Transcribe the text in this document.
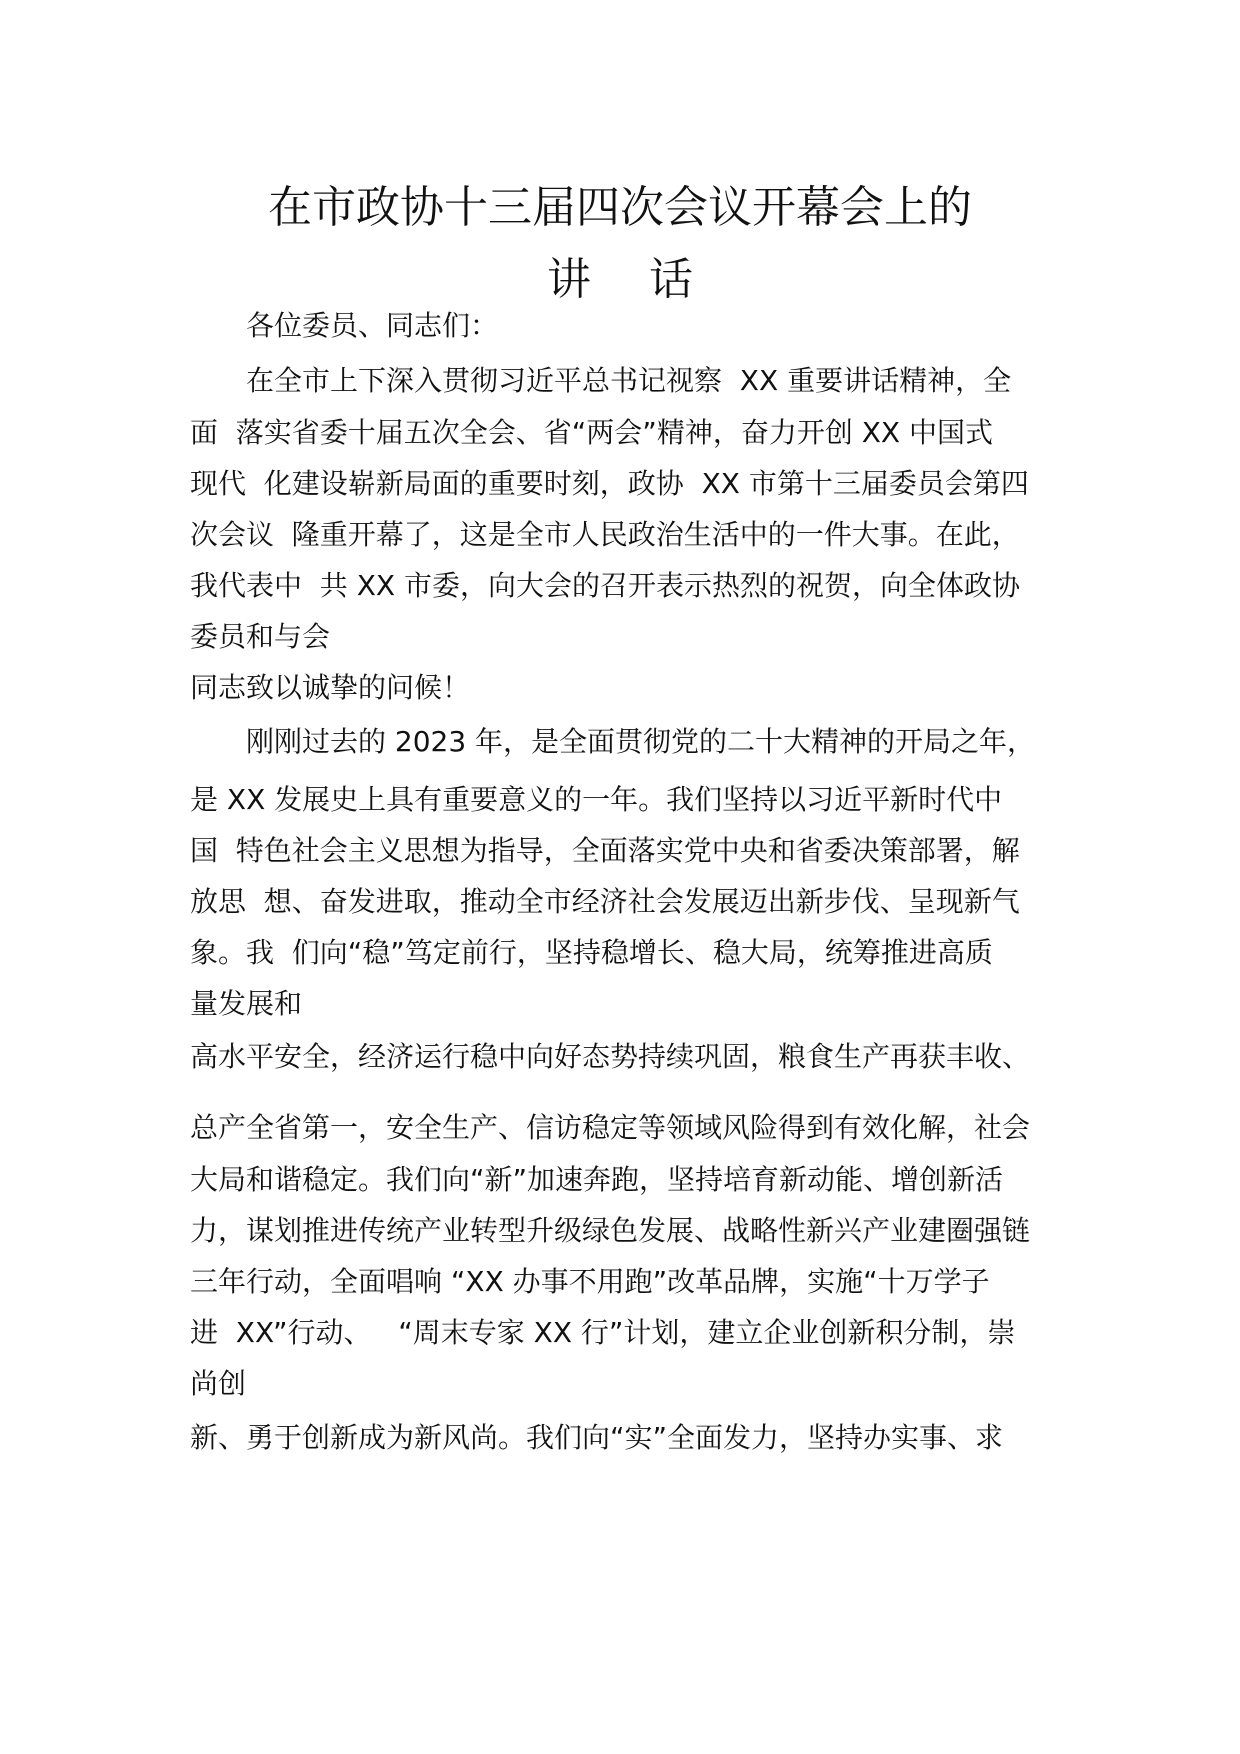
在市政协十三届四次会议开幕会上的
讲 话
各位委员、同志们：
在全市上下深入贯彻习近平总书记视察  XX 重要讲话精神，全
面  落实省委十届五次全会、省“两会”精神，奋力开创 XX 中国式
现代  化建设崭新局面的重要时刻，政协  XX 市第十三届委员会第四
次会议  隆重开幕了，这是全市人民政治生活中的一件大事。在此，
我代表中  共 XX 市委，向大会的召开表示热烈的祝贺，向全体政协
委员和与会
同志致以诚挚的问候！
刚刚过去的 2023 年，是全面贯彻党的二十大精神的开局之年，
是 XX 发展史上具有重要意义的一年。我们坚持以习近平新时代中
国  特色社会主义思想为指导，全面落实党中央和省委决策部署，解
放思  想、奋发进取，推动全市经济社会发展迈出新步伐、呈现新气
象。我  们向“稳”笃定前行，坚持稳增长、稳大局，统筹推进高质
量发展和
高水平安全，经济运行稳中向好态势持续巩固，粮食生产再获丰收、
总产全省第一，安全生产、信访稳定等领域风险得到有效化解，社会
大局和谐稳定。我们向“新”加速奔跑，坚持培育新动能、增创新活
力，谋划推进传统产业转型升级绿色发展、战略性新兴产业建圈强链
三年行动，全面唱响 “XX 办事不用跑”改革品牌，实施“十万学子
进  XX”行动、   “周末专家 XX 行”计划，建立企业创新积分制，崇
尚创
新、勇于创新成为新风尚。我们向“实”全面发力，坚持办实事、求
